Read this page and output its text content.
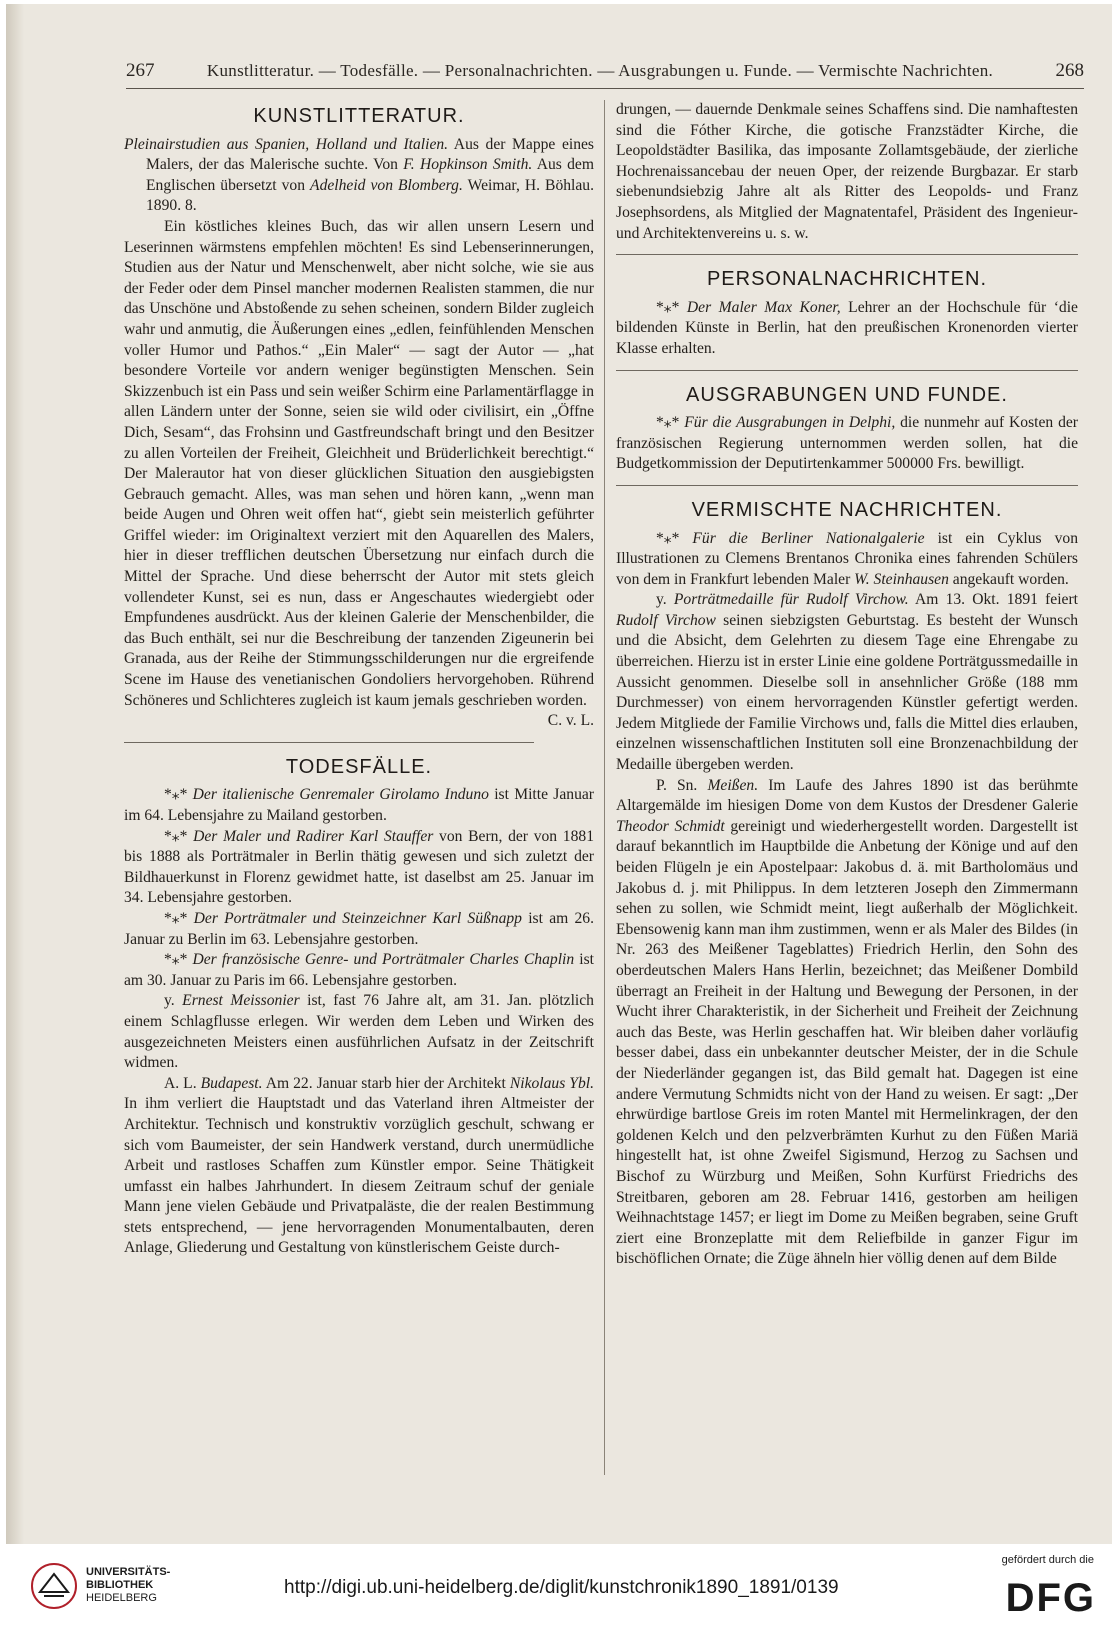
267	Kunstlitteratur. — Todesfälle. — Personalnachrichten. — Ausgrabungen u. Funde. — Vermischte Nachrichten.	268
KUNSTLITTERATUR.

Pleinairstudien aus Spanien, Holland und Italien. Aus der Mappe eines Malers, der das Malerische suchte. Von F. Hopkinson Smith. Aus dem Englischen übersetzt von Adelheid von Blomberg. Weimar, H. Böhlau. 1890. 8.

Ein köstliches kleines Buch, das wir allen unsern Lesern und Leserinnen wärmstens empfehlen möchten! Es sind Lebenserinnerungen, Studien aus der Natur und Menschenwelt, aber nicht solche, wie sie aus der Feder oder dem Pinsel mancher modernen Realisten stammen, die nur das Unschöne und Abstoßende zu sehen scheinen, sondern Bilder zugleich wahr und anmutig, die Äußerungen eines „edlen, feinfühlenden Menschen voller Humor und Pathos.“ „Ein Maler“ — sagt der Autor — „hat besondere Vorteile vor andern weniger begünstigten Menschen. Sein Skizzenbuch ist ein Pass und sein weißer Schirm eine Parlamentärflagge in allen Ländern unter der Sonne, seien sie wild oder civilisirt, ein „Öffne Dich, Sesam“, das Frohsinn und Gastfreundschaft bringt und den Besitzer zu allen Vorteilen der Freiheit, Gleichheit und Brüderlichkeit berechtigt.“ Der Malerautor hat von dieser glücklichen Situation den ausgiebigsten Gebrauch gemacht. Alles, was man sehen und hören kann, „wenn man beide Augen und Ohren weit offen hat“, giebt sein meisterlich geführter Griffel wieder: im Originaltext verziert mit den Aquarellen des Malers, hier in dieser trefflichen deutschen Übersetzung nur einfach durch die Mittel der Sprache. Und diese beherrscht der Autor mit stets gleich vollendeter Kunst, sei es nun, dass er Angeschautes wiedergiebt oder Empfundenes ausdrückt. Aus der kleinen Galerie der Menschenbilder, die das Buch enthält, sei nur die Beschreibung der tanzenden Zigeunerin bei Granada, aus der Reihe der Stimmungsschilderungen nur die ergreifende Scene im Hause des venetianischen Gondoliers hervorgehoben. Rührend Schöneres und Schlichteres zugleich ist kaum jemals geschrieben worden.

C. v. L.

TODESFÄLLE.

*⁎* Der italienische Genremaler Girolamo Induno ist Mitte Januar im 64. Lebensjahre zu Mailand gestorben.

*⁎* Der Maler und Radirer Karl Stauffer von Bern, der von 1881 bis 1888 als Porträtmaler in Berlin thätig gewesen und sich zuletzt der Bildhauerkunst in Florenz gewidmet hatte, ist daselbst am 25. Januar im 34. Lebensjahre gestorben.

*⁎* Der Porträtmaler und Steinzeichner Karl Süßnapp ist am 26. Januar zu Berlin im 63. Lebensjahre gestorben.

*⁎* Der französische Genre- und Porträtmaler Charles Chaplin ist am 30. Januar zu Paris im 66. Lebensjahre gestorben.

y. Ernest Meissonier ist, fast 76 Jahre alt, am 31. Jan. plötzlich einem Schlagflusse erlegen. Wir werden dem Leben und Wirken des ausgezeichneten Meisters einen ausführlichen Aufsatz in der Zeitschrift widmen.

A. L. Budapest. Am 22. Januar starb hier der Architekt Nikolaus Ybl. In ihm verliert die Hauptstadt und das Vaterland ihren Altmeister der Architektur. Technisch und konstruktiv vorzüglich geschult, schwang er sich vom Baumeister, der sein Handwerk verstand, durch unermüdliche Arbeit und rastloses Schaffen zum Künstler empor. Seine Thätigkeit umfasst ein halbes Jahrhundert. In diesem Zeitraum schuf der geniale Mann jene vielen Gebäude und Privatpaläste, die der realen Bestimmung stets entsprechend, — jene hervorragenden Monumentalbauten, deren Anlage, Gliederung und Gestaltung von künstlerischem Geiste durch-

drungen, — dauernde Denkmale seines Schaffens sind. Die namhaftesten sind die Fóther Kirche, die gotische Franzstädter Kirche, die Leopoldstädter Basilika, das imposante Zollamtsgebäude, der zierliche Hochrenaissancebau der neuen Oper, der reizende Burgbazar. Er starb siebenundsiebzig Jahre alt als Ritter des Leopolds- und Franz Josephsordens, als Mitglied der Magnatentafel, Präsident des Ingenieur- und Architektenvereins u. s. w.

PERSONALNACHRICHTEN.

*⁎* Der Maler Max Koner, Lehrer an der Hochschule für ‘die bildenden Künste in Berlin, hat den preußischen Kronenorden vierter Klasse erhalten.

AUSGRABUNGEN UND FUNDE.

*⁎* Für die Ausgrabungen in Delphi, die nunmehr auf Kosten der französischen Regierung unternommen werden sollen, hat die Budgetkommission der Deputirtenkammer 500000 Frs. bewilligt.

VERMISCHTE NACHRICHTEN.

*⁎* Für die Berliner Nationalgalerie ist ein Cyklus von Illustrationen zu Clemens Brentanos Chronika eines fahrenden Schülers von dem in Frankfurt lebenden Maler W. Steinhausen angekauft worden.

y. Porträtmedaille für Rudolf Virchow. Am 13. Okt. 1891 feiert Rudolf Virchow seinen siebzigsten Geburtstag. Es besteht der Wunsch und die Absicht, dem Gelehrten zu diesem Tage eine Ehrengabe zu überreichen. Hierzu ist in erster Linie eine goldene Porträtgussmedaille in Aussicht genommen. Dieselbe soll in ansehnlicher Größe (188 mm Durchmesser) von einem hervorragenden Künstler gefertigt werden. Jedem Mitgliede der Familie Virchows und, falls die Mittel dies erlauben, einzelnen wissenschaftlichen Instituten soll eine Bronzenachbildung der Medaille übergeben werden.

P. Sn. Meißen. Im Laufe des Jahres 1890 ist das berühmte Altargemälde im hiesigen Dome von dem Kustos der Dresdener Galerie Theodor Schmidt gereinigt und wiederhergestellt worden. Dargestellt ist darauf bekanntlich im Hauptbilde die Anbetung der Könige und auf den beiden Flügeln je ein Apostelpaar: Jakobus d. ä. mit Bartholomäus und Jakobus d. j. mit Philippus. In dem letzteren Joseph den Zimmermann sehen zu sollen, wie Schmidt meint, liegt außerhalb der Möglichkeit. Ebensowenig kann man ihm zustimmen, wenn er als Maler des Bildes (in Nr. 263 des Meißener Tageblattes) Friedrich Herlin, den Sohn des oberdeutschen Malers Hans Herlin, bezeichnet; das Meißener Dombild überragt an Freiheit in der Haltung und Bewegung der Personen, in der Wucht ihrer Charakteristik, in der Sicherheit und Freiheit der Zeichnung auch das Beste, was Herlin geschaffen hat. Wir bleiben daher vorläufig besser dabei, dass ein unbekannter deutscher Meister, der in die Schule der Niederländer gegangen ist, das Bild gemalt hat. Dagegen ist eine andere Vermutung Schmidts nicht von der Hand zu weisen. Er sagt: „Der ehrwürdige bartlose Greis im roten Mantel mit Hermelinkragen, der den goldenen Kelch und den pelzverbrämten Kurhut zu den Füßen Mariä hingestellt hat, ist ohne Zweifel Sigismund, Herzog zu Sachsen und Bischof zu Würzburg und Meißen, Sohn Kurfürst Friedrichs des Streitbaren, geboren am 28. Februar 1416, gestorben am heiligen Weihnachtstage 1457; er liegt im Dome zu Meißen begraben, seine Gruft ziert eine Bronzeplatte mit dem Reliefbilde in ganzer Figur im bischöflichen Ornate; die Züge ähneln hier völlig denen auf dem Bilde

UNIVERSITÄTS-
BIBLIOTHEK
HEIDELBERG	http://digi.ub.uni-heidelberg.de/diglit/kunstchronik1890_1891/0139
gefördert durch die
DFG
